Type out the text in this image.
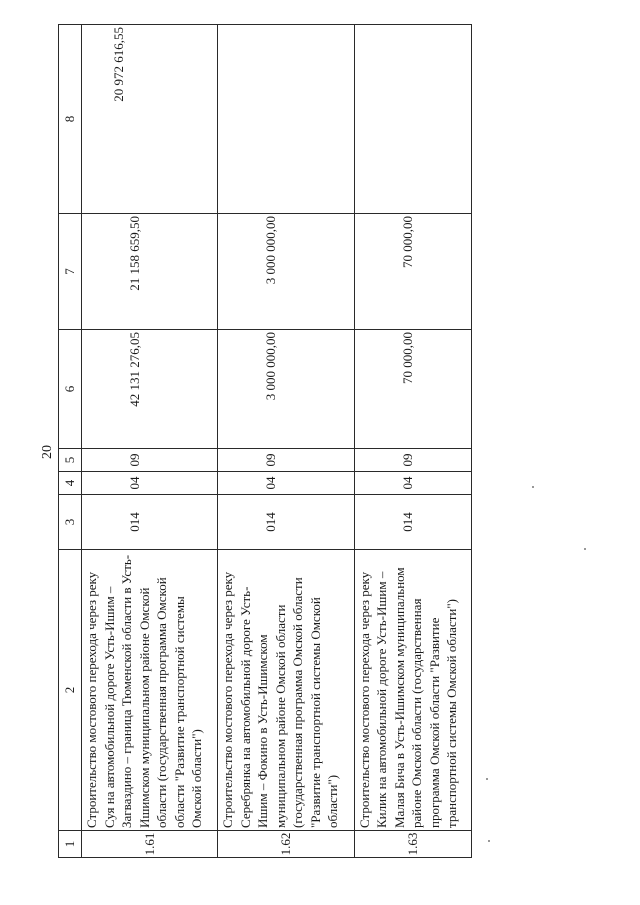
20
1	2	3	4	5	6	7	8
1.61	Строительство мостового перехода через реку Суя на автомобильной дороге Усть-Ишим – Загваздино – граница Тюменской области в Усть-Ишимском муниципальном районе Омской области (государственная программа Омской области "Развитие транспортной системы Омской области")	014	04	09	42 131 276,05	21 158 659,50	20 972 616,55
1.62	Строительство мостового перехода через реку Серебрянка на автомобильной дороге Усть-Ишим – Фокино в Усть-Ишимском муниципальном районе Омской области (государственная программа Омской области "Развитие транспортной системы Омской области")	014	04	09	3 000 000,00	3 000 000,00	
1.63	Строительство мостового перехода через реку Килик на автомобильной дороге Усть-Ишим – Малая Бича в Усть-Ишимском муниципальном районе Омской области (государственная программа Омской области "Развитие транспортной системы Омской области")	014	04	09	70 000,00	70 000,00	
